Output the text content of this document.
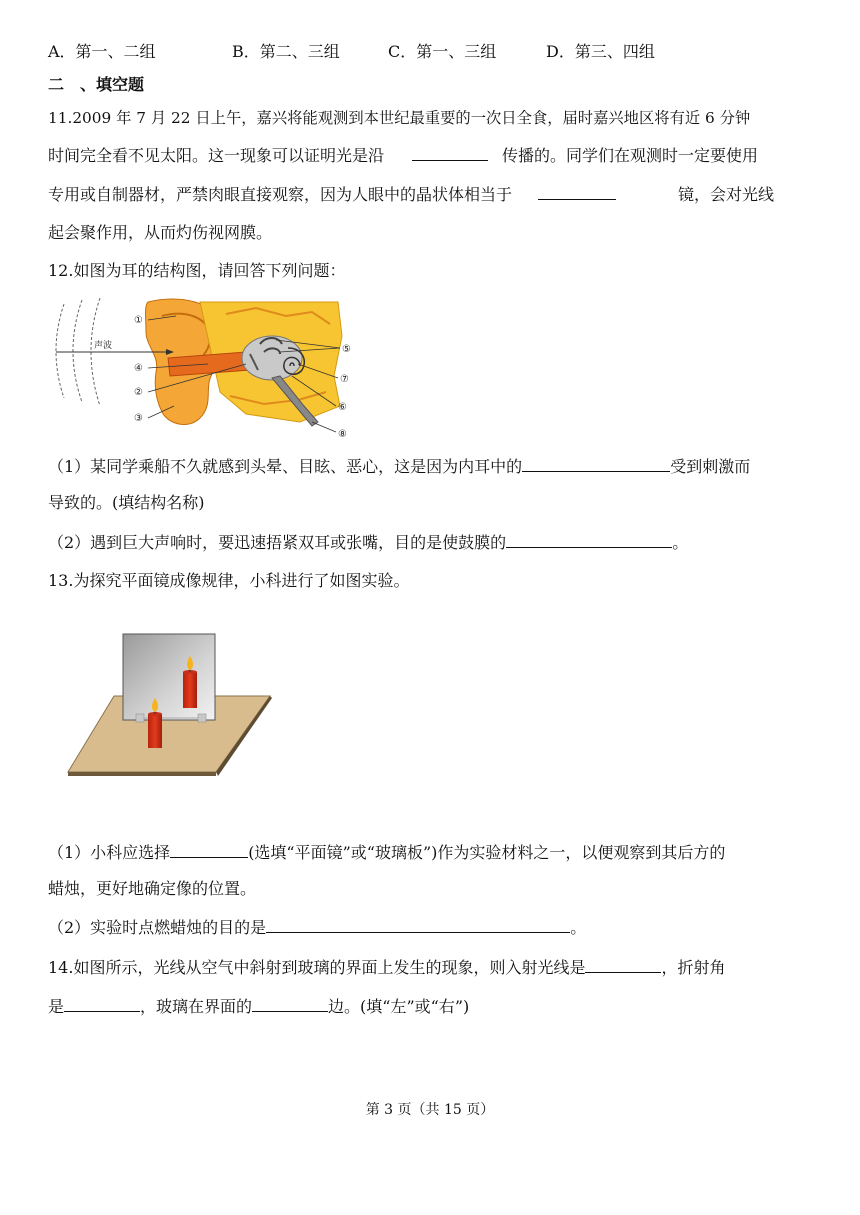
A．第一、二组	B．第二、三组	C．第一、三组	D．第三、四组
二　、填空题
11.2009 年 7 月 22 日上午，嘉兴将能观测到本世纪最重要的一次日全食，届时嘉兴地区将有近 6 分钟
时间完全看不见太阳。这一现象可以证明光是沿	传播的。同学们在观测时一定要使用
专用或自制器材，严禁肉眼直接观察，因为人眼中的晶状体相当于	镜，会对光线
起会聚作用，从而灼伤视网膜。
12.如图为耳的结构图，请回答下列问题：
声波
①
④
②
③
⑤
⑦
⑥
⑧
（1）某同学乘船不久就感到头晕、目眩、恶心，这是因为内耳中的	受到刺激而
导致的。(填结构名称)
（2）遇到巨大声响时，要迅速捂紧双耳或张嘴，目的是使鼓膜的	。
13.为探究平面镜成像规律，小科进行了如图实验。
（1）小科应选择	(选填“平面镜”或“玻璃板”)作为实验材料之一，以便观察到其后方的
蜡烛，更好地确定像的位置。
（2）实验时点燃蜡烛的目的是	。
14.如图所示，光线从空气中斜射到玻璃的界面上发生的现象，则入射光线是	，折射角
是	，玻璃在界面的	边。(填“左”或“右”)
第 3 页（共 15 页）
